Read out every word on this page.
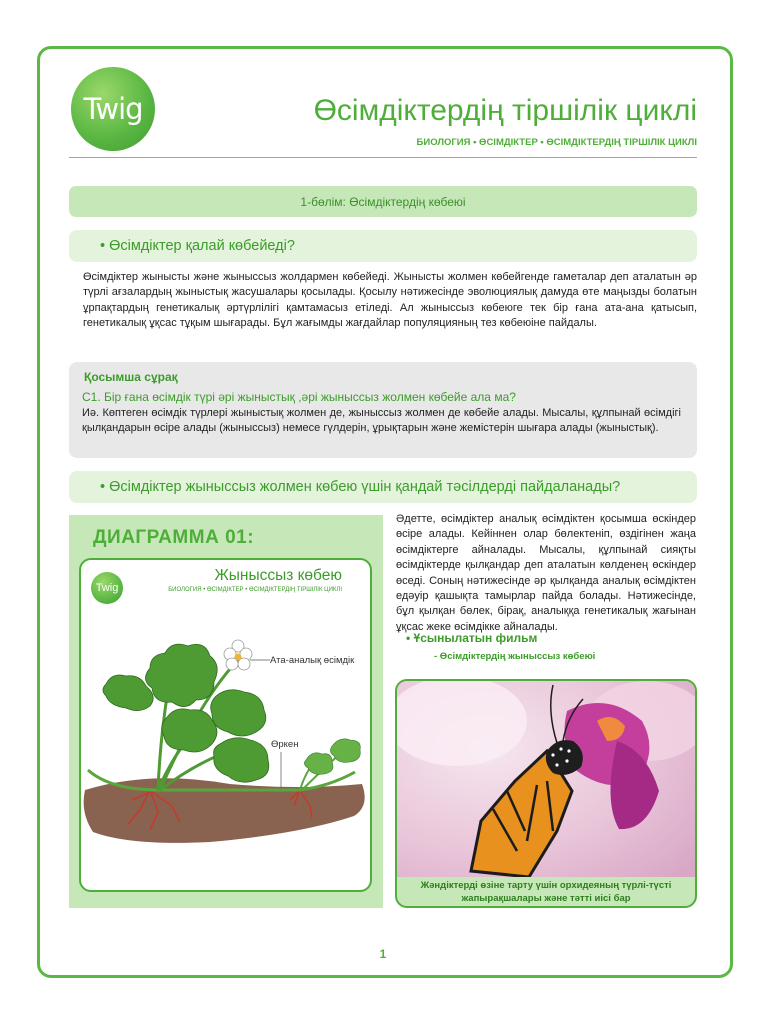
Twig	Өсімдіктердің тіршілік циклі
БИОЛОГИЯ • ӨСІМДІКТЕР • ӨСІМДІКТЕРДІҢ ТІРШІЛІК ЦИКЛІ
1-бөлім: Өсімдіктердің көбеюі
• Өсімдіктер қалай көбейеді?

Өсімдіктер жынысты және жыныссыз жолдармен көбейеді. Жынысты жолмен көбейгенде гаметалар деп аталатын әр түрлі ағзалардың жыныстық жасушалары қосылады. Қосылу нәтижесінде эволюциялық дамуда өте маңызды болатын ұрпақтардың генетикалық әртүрлілігі қамтамасыз етіледі. Ал жыныссыз көбеюге тек бір ғана ата-ана қатысып, генетикалық ұқсас тұқым шығарады. Бұл жағымды жағдайлар популяцияның тез көбеюіне пайдалы.

Қосымша сұрақ
С1. Бір ғана өсімдік түрі әрі жыныстық ,әрі жыныссыз жолмен көбейе ала ма?

Иә. Көптеген өсімдік түрлері жыныстық жолмен де, жыныссыз жолмен де көбейе алады. Мысалы, құлпынай өсімдігі қылқандарын өсіре алады (жыныссыз) немесе гүлдерін, ұрықтарын және жемістерін шығара алады (жыныстық).

• Өсімдіктер жыныссыз жолмен көбею үшін қандай тәсілдерді пайдаланады?
ДИАГРАММА 01:
Twig
Жыныссыз көбею
БИОЛОГИЯ • ӨСІМДІКТЕР • ӨСІМДІКТЕРДІҢ ТІРШІЛІК ЦИКЛІ
Ата-аналық өсімдік
Өркен

Әдетте, өсімдіктер аналық өсімдіктен қосымша өскіндер өсіре алады. Кейіннен олар бөлектеніп, өздігінен жаңа өсімдіктерге айналады. Мысалы, құлпынай сияқты өсімдіктерде қылқандар деп аталатын көлденең өскіндер өседі. Соның нәтижесінде әр қылқанда аналық өсімдіктен едәуір қашықта тамырлар пайда болады. Нәтижесінде, бұл қылқан бөлек, бірақ, аналыққа генетикалық жағынан ұқсас жеке өсімдікке айналады.

• Ұсынылатын фильм
- Өсімдіктердің жыныссыз көбеюі
Жәндіктерді өзіне тарту үшін орхидеяның түрлі-түсті
жапырақшалары және тәтті иісі бар
1
